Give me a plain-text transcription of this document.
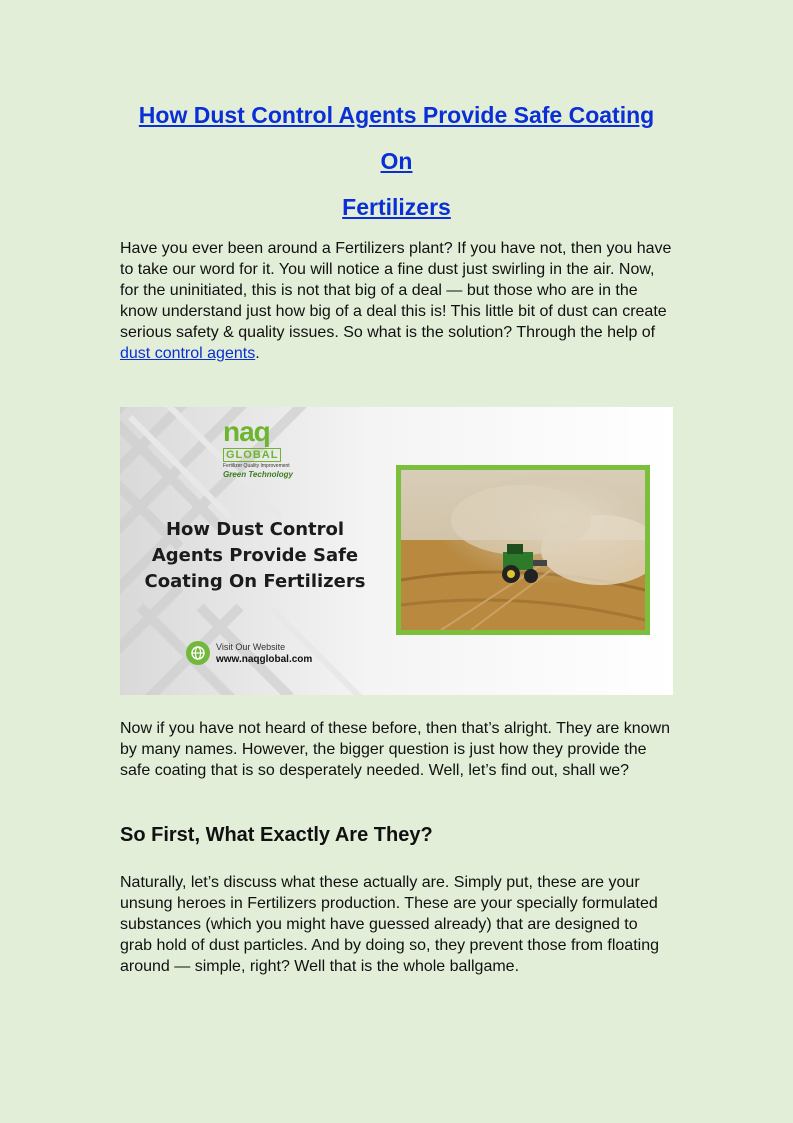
How Dust Control Agents Provide Safe Coating On
Fertilizers

Have you ever been around a Fertilizers plant? If you have not, then you have to take our word for it. You will notice a fine dust just swirling in the air. Now, for the uninitiated, this is not that big of a deal — but those who are in the know understand just how big of a deal this is! This little bit of dust can create serious safety & quality issues. So what is the solution? Through the help of dust control agents.

naq
GLOBAL
Fertilizer Quality Improvement
Green Technology
How Dust Control
Agents Provide Safe
Coating On Fertilizers
Visit Our Website
www.naqglobal.com

Now if you have not heard of these before, then that’s alright. They are known by many names. However, the bigger question is just how they provide the safe coating that is so desperately needed. Well, let’s find out, shall we?

So First, What Exactly Are They?

Naturally, let’s discuss what these actually are. Simply put, these are your unsung heroes in Fertilizers production. These are your specially formulated substances (which you might have guessed already) that are designed to grab hold of dust particles. And by doing so, they prevent those from floating around — simple, right? Well that is the whole ballgame.
